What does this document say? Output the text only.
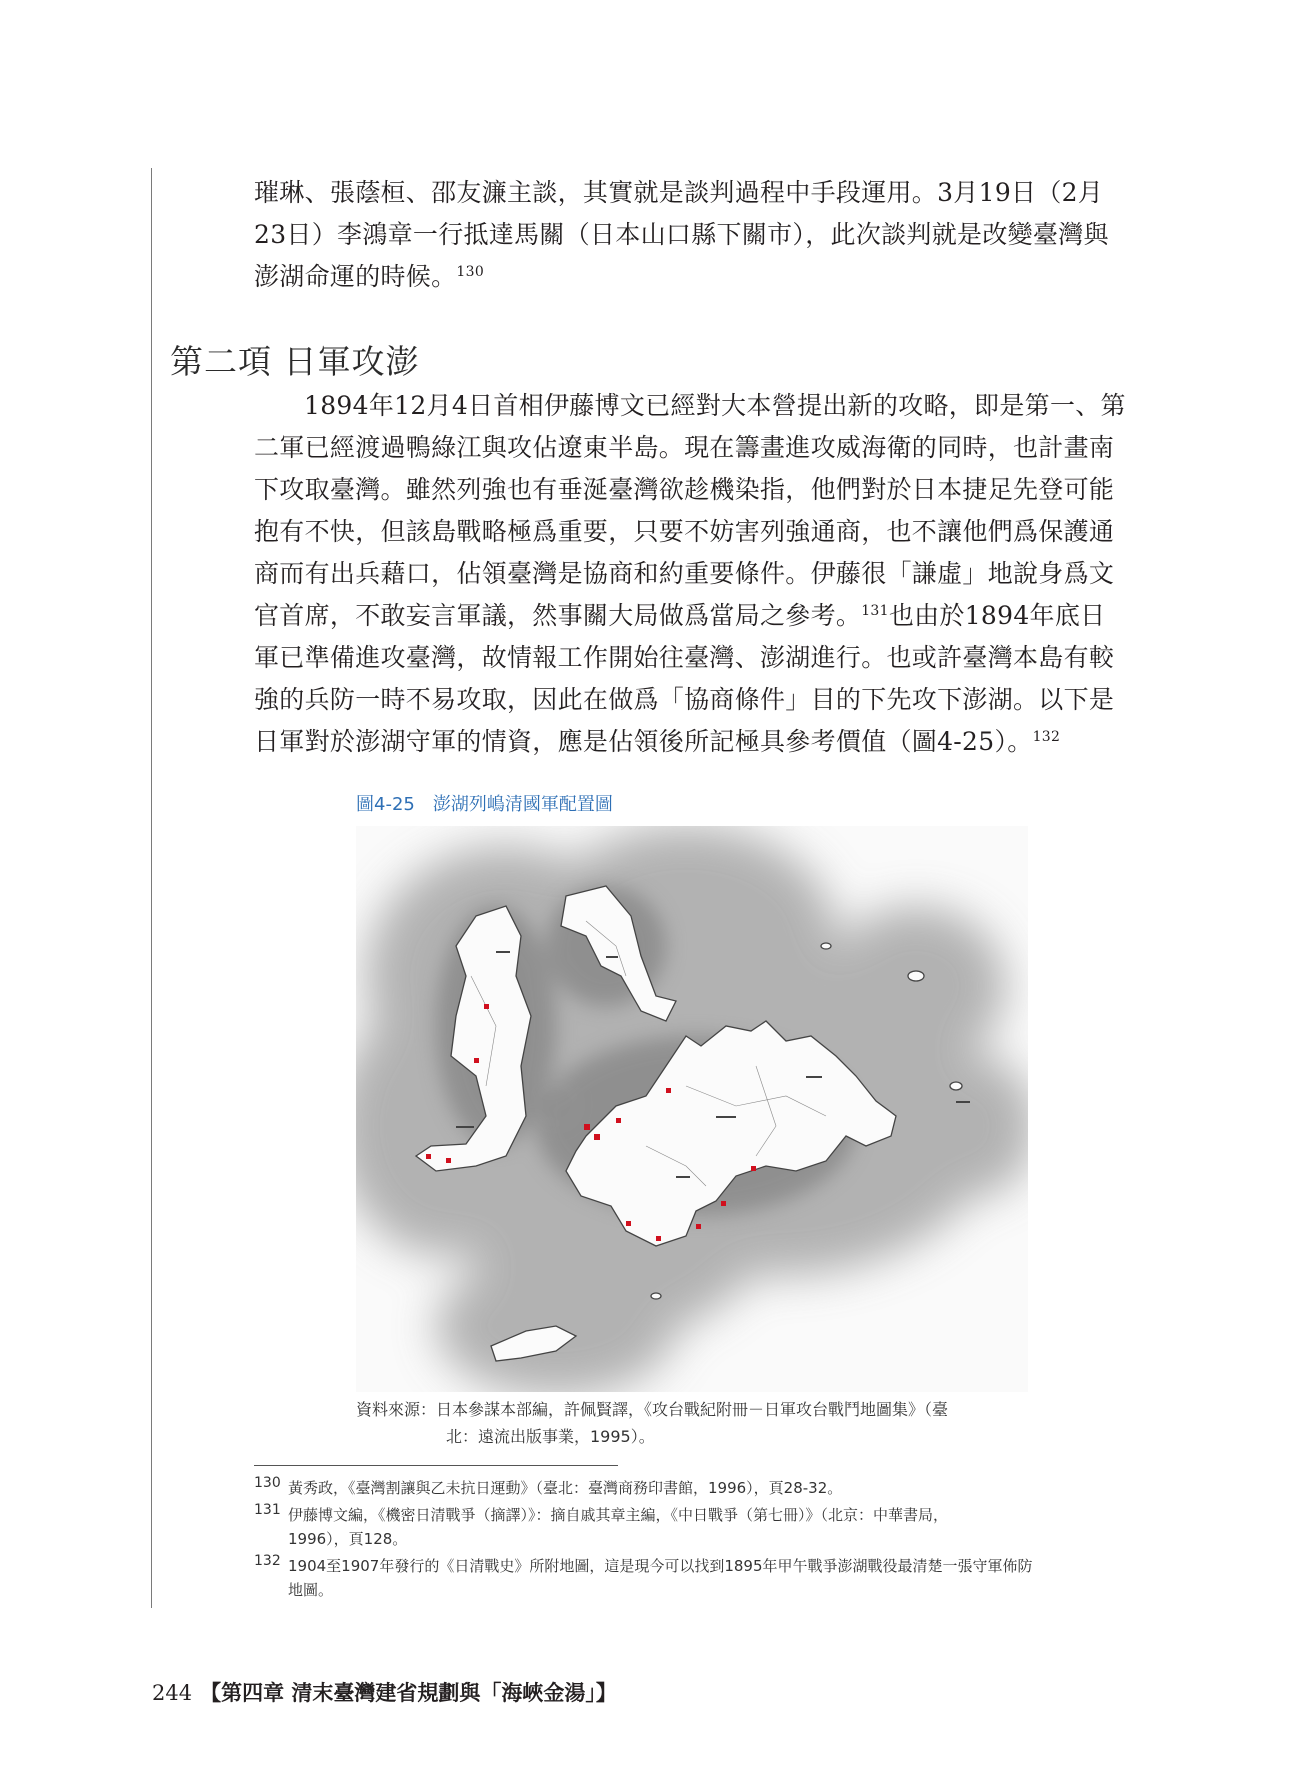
璀琳、張蔭桓、邵友濂主談，其實就是談判過程中手段運用。3月19日（2月

23日）李鴻章一行抵達馬關（日本山口縣下關市），此次談判就是改變臺灣與

澎湖命運的時候。$^{130}$

第二項 日軍攻澎

1894年12月4日首相伊藤博文已經對大本營提出新的攻略，即是第一、第

二軍已經渡過鴨綠江與攻佔遼東半島。現在籌畫進攻威海衛的同時，也計畫南

下攻取臺灣。雖然列強也有垂涎臺灣欲趁機染指，他們對於日本捷足先登可能

抱有不快，但該島戰略極爲重要，只要不妨害列強通商，也不讓他們爲保護通

商而有出兵藉口，佔領臺灣是協商和約重要條件。伊藤很「謙虛」地說身爲文

官首席，不敢妄言軍議，然事關大局做爲當局之參考。$^{131}$也由於1894年底日

軍已準備進攻臺灣，故情報工作開始往臺灣、澎湖進行。也或許臺灣本島有較

強的兵防一時不易攻取，因此在做爲「協商條件」目的下先攻下澎湖。以下是

日軍對於澎湖守軍的情資，應是佔領後所記極具參考價值（圖4-25）。$^{132}$

圖4-25 澎湖列嶋清國軍配置圖
資料來源：日本參謀本部編，許佩賢譯，《攻台戰紀附冊－日軍攻台戰鬥地圖集》（臺
北：遠流出版事業，1995）。
130 黃秀政，《臺灣割讓與乙未抗日運動》（臺北：臺灣商務印書館，1996），頁28-32。
131 伊藤博文編，《機密日清戰爭（摘譯）》：摘自戚其章主編，《中日戰爭（第七冊）》（北京：中華書局，
1996），頁128。
132 1904至1907年發行的《日清戰史》所附地圖，這是現今可以找到1895年甲午戰爭澎湖戰役最清楚一張守軍佈防
地圖。
244 【第四章 清末臺灣建省規劃與「海峽金湯」】
